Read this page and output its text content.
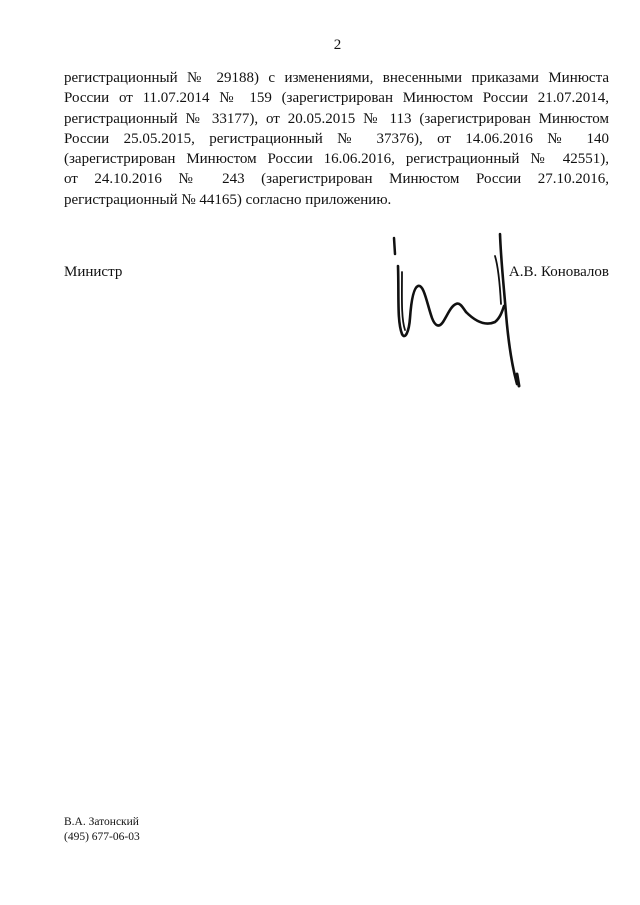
2
регистрационный № 29188) с изменениями, внесенными приказами Минюста
России от 11.07.2014 № 159 (зарегистрирован Минюстом России 21.07.2014,
регистрационный № 33177), от 20.05.2015 № 113 (зарегистрирован Минюстом
России 25.05.2015, регистрационный № 37376), от 14.06.2016 № 140
(зарегистрирован Минюстом России 16.06.2016, регистрационный № 42551),
от 24.10.2016 № 243 (зарегистрирован Минюстом России 27.10.2016,
регистрационный № 44165) согласно приложению.
Министр	А.В. Коновалов
В.А. Затонский
(495) 677-06-03
